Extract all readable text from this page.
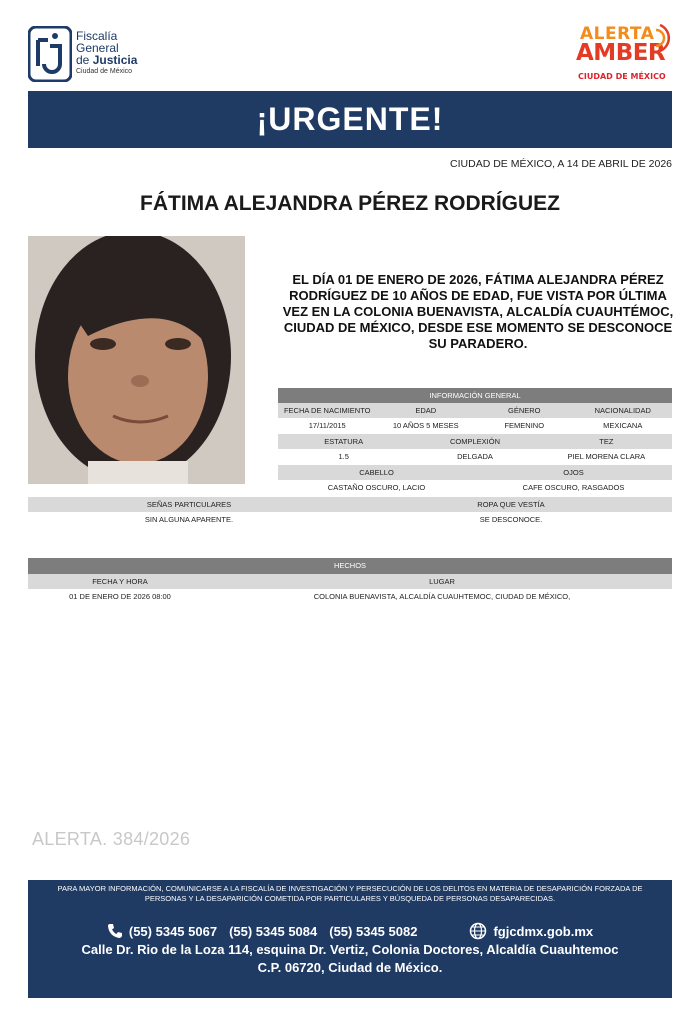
Fiscalía
General
de Justicia
Ciudad de México
ALERTA
AMBER
CIUDAD DE MÉXICO
¡URGENTE!
CIUDAD DE MÉXICO, A 14 DE ABRIL DE 2026
FÁTIMA ALEJANDRA PÉREZ RODRÍGUEZ
EL DÍA 01 DE ENERO DE 2026, FÁTIMA ALEJANDRA PÉREZ RODRÍGUEZ DE 10 AÑOS DE EDAD, FUE VISTA POR ÚLTIMA VEZ EN LA COLONIA BUENAVISTA, ALCALDÍA CUAUHTÉMOC, CIUDAD DE MÉXICO, DESDE ESE MOMENTO SE DESCONOCE SU PARADERO.
INFORMACIÓN GENERAL
FECHA DE NACIMIENTO	EDAD	GÉNERO	NACIONALIDAD
17/11/2015	10 AÑOS 5 MESES	FEMENINO	MEXICANA
ESTATURA	COMPLEXIÓN	TEZ
1.5	DELGADA	PIEL MORENA CLARA
CABELLO	OJOS
CASTAÑO OSCURO, LACIO	CAFE OSCURO, RASGADOS
SEÑAS PARTICULARES	ROPA QUE VESTÍA
SIN ALGUNA APARENTE.	SE DESCONOCE.
HECHOS
FECHA Y HORA	LUGAR
01 DE ENERO DE 2026 08:00	COLONIA BUENAVISTA, ALCALDÍA CUAUHTEMOC, CIUDAD DE MÉXICO,
ALERTA. 384/2026
PARA MAYOR INFORMACIÓN, COMUNICARSE A LA FISCALÍA DE INVESTIGACIÓN Y PERSECUCIÓN DE LOS DELITOS EN MATERIA DE DESAPARICIÓN FORZADA DE PERSONAS Y LA DESAPARICIÓN COMETIDA POR PARTICULARES Y BÚSQUEDA DE PERSONAS DESAPARECIDAS.
(55) 5345 5067 (55) 5345 5084 (55) 5345 5082	fgjcdmx.gob.mx
Calle Dr. Rio de la Loza 114, esquina Dr. Vertiz, Colonia Doctores, Alcaldía Cuauhtemoc
C.P. 06720, Ciudad de México.
